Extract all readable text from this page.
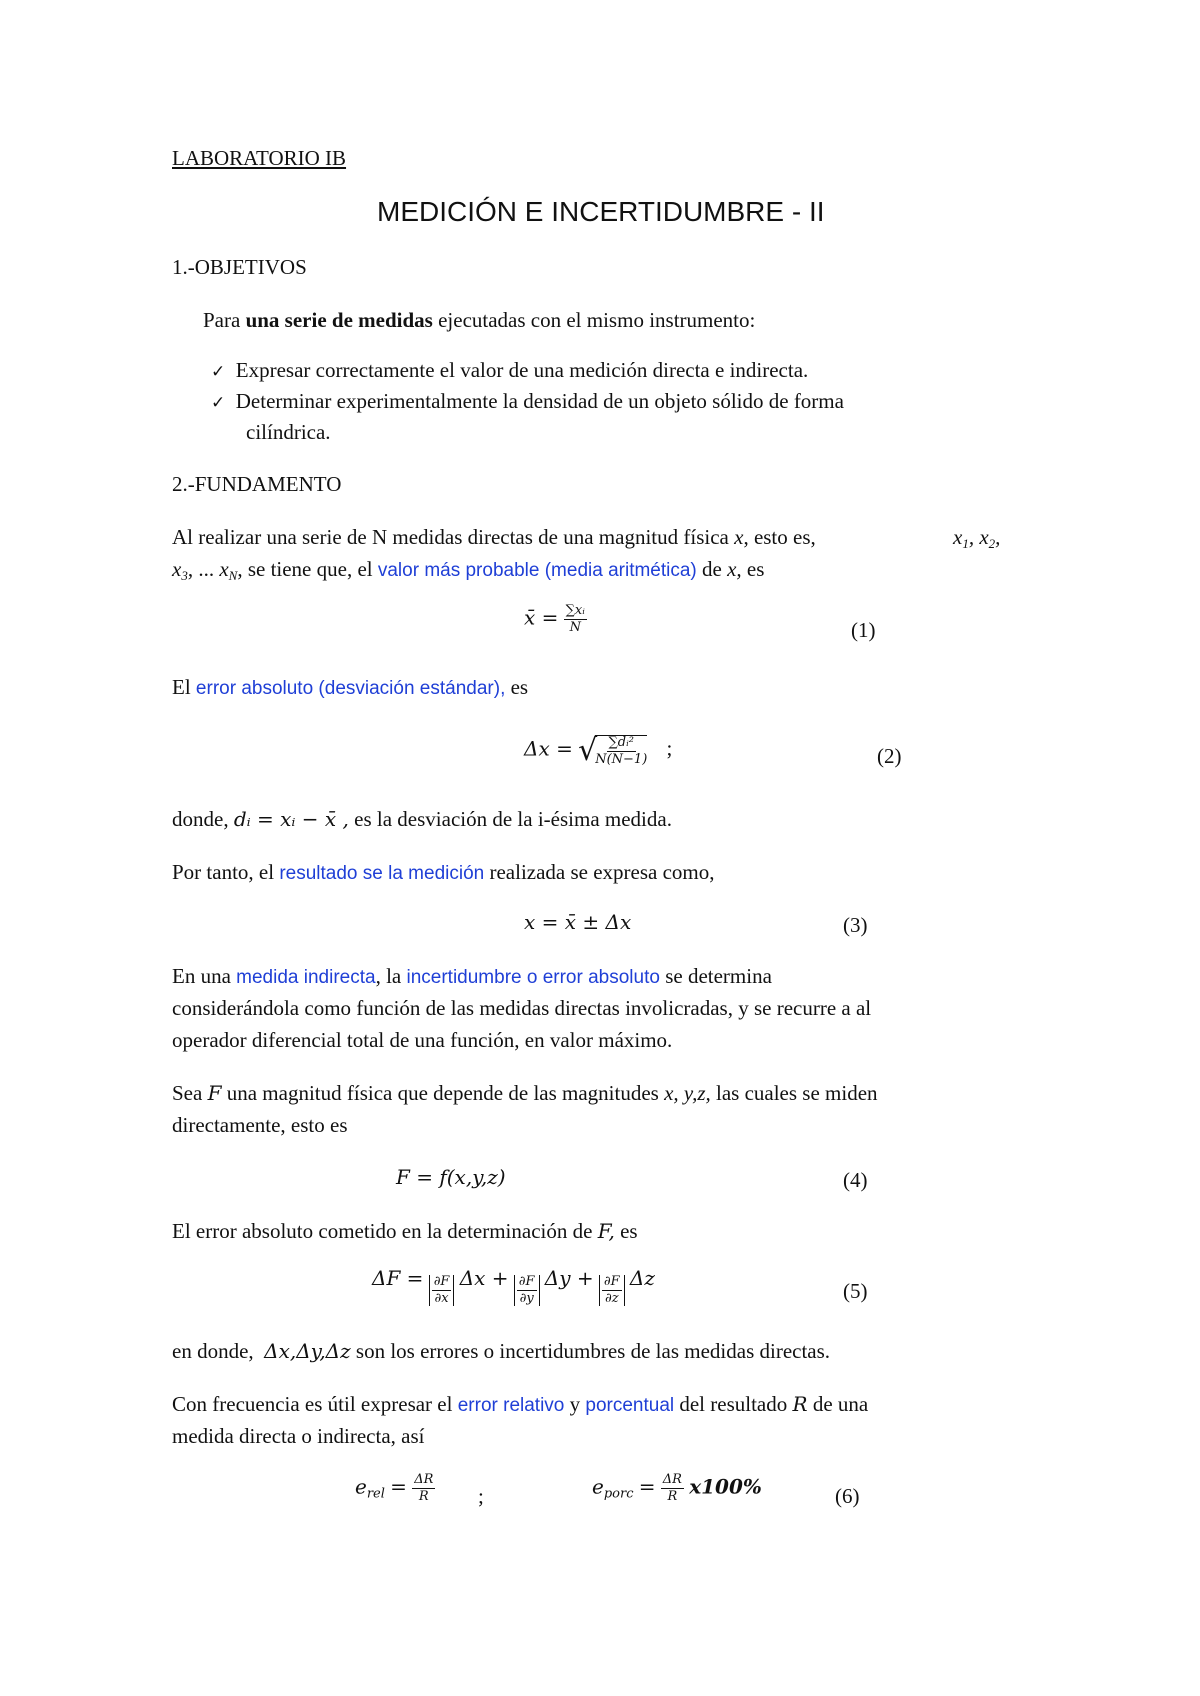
LABORATORIO IB
MEDICIÓN E INCERTIDUMBRE - II
1.-OBJETIVOS
Para una serie de medidas ejecutadas con el mismo instrumento:
✓ Expresar correctamente el valor de una medición directa e indirecta.
✓ Determinar experimentalmente la densidad de un objeto sólido de forma
cilíndrica.
2.-FUNDAMENTO
Al realizar una serie de N medidas directas de una magnitud física x, esto es,	$x_1$, $x_2$,
$x_3$, ... $x_N$, se tiene que, el valor más probable (media aritmética) de x, es
x̄ = $\frac{\text{∑xᵢ}}{N}$	(1)
El error absoluto (desviación estándar), es
Δx = √
$\frac{\text{∑dᵢ²}}{N(N-1)}$ ;	(2)
donde, dᵢ = xᵢ − x̄ , es la desviación de la i-ésima medida.
Por tanto, el resultado se la medición realizada se expresa como,
x = x̄ ± Δx	(3)
En una medida indirecta, la incertidumbre o error absoluto se determina
considerándola como función de las medidas directas involicradas, y se recurre a al
operador diferencial total de una función, en valor máximo.
Sea F una magnitud física que depende de las magnitudes x, y,z, las cuales se miden
directamente, esto es
F = f(x,y,z)	(4)
El error absoluto cometido en la determinación de F, es
$\Delta F = \frac{\partial F}{\partial x}$ $\Delta x + \frac{\partial F}{\partial y}$ $\Delta y + \frac{\partial F}{\partial z}$ Δz
(5)
en donde, Δx,Δy,Δz son los errores o incertidumbres de las medidas directas.
Con frecuencia es útil expresar el error relativo y porcentual del resultado R de una
medida directa o indirecta, así
$e_{rel} = \frac{\Delta R}{R}$ ;	$e_{porc} = \frac{\Delta R}{R} x100\%$	(6)
